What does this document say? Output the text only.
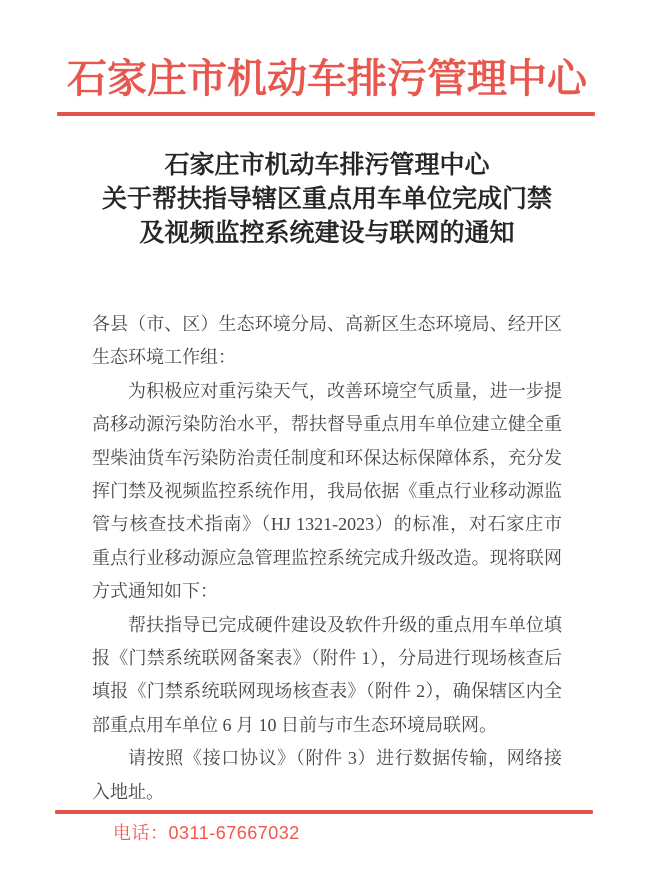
石家庄市机动车排污管理中心
石家庄市机动车排污管理中心
关于帮扶指导辖区重点用车单位完成门禁
及视频监控系统建设与联网的通知

各县（市、区）生态环境分局、高新区生态环境局、经开区生态环境工作组：

为积极应对重污染天气，改善环境空气质量，进一步提高移动源污染防治水平，帮扶督导重点用车单位建立健全重型柴油货车污染防治责任制度和环保达标保障体系，充分发挥门禁及视频监控系统作用，我局依据《重点行业移动源监管与核查技术指南》（HJ 1321-2023）的标准，对石家庄市重点行业移动源应急管理监控系统完成升级改造。现将联网方式通知如下：

帮扶指导已完成硬件建设及软件升级的重点用车单位填报《门禁系统联网备案表》（附件 1），分局进行现场核查后填报《门禁系统联网现场核查表》（附件 2），确保辖区内全部重点用车单位 6 月 10 日前与市生态环境局联网。

请按照《接口协议》（附件 3）进行数据传输，网络接入地址。

电话：0311-67667032
